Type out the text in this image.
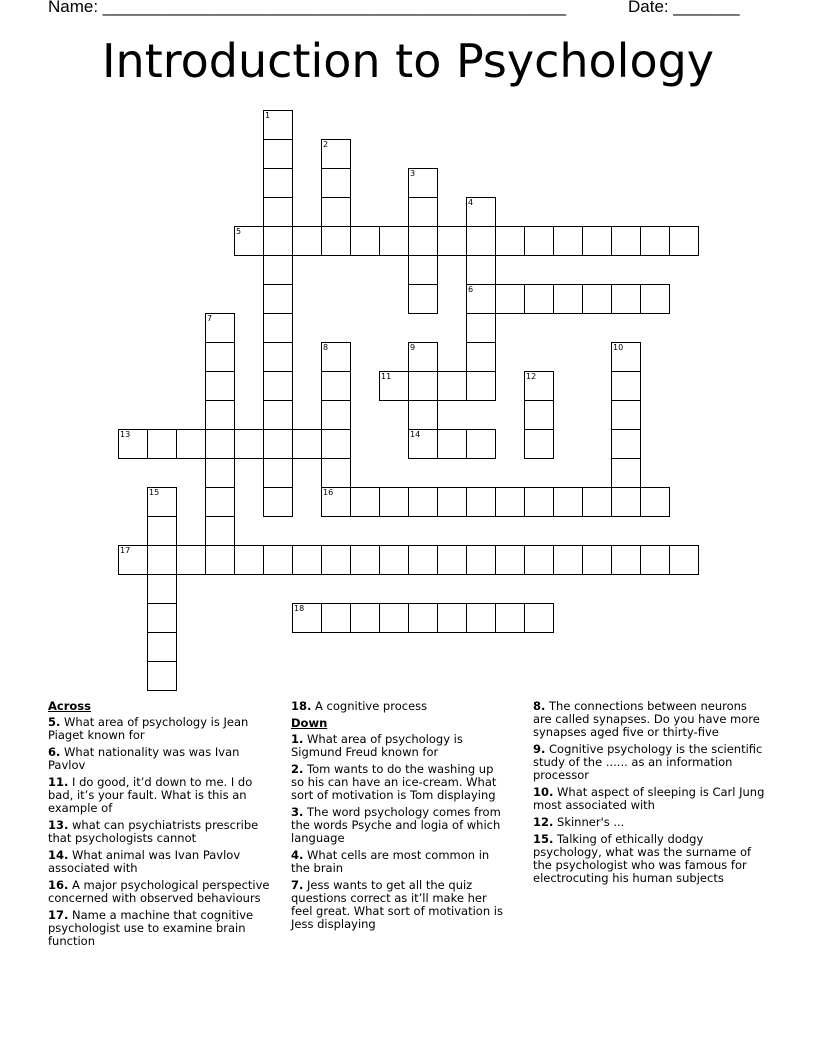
Name: _________________________________________________	Date: _______
Introduction to Psychology
1
2
3
4
6
5
7
8	9
14
10
11	12
13
15	16
17
18
Across
5. What area of psychology is Jean Piaget known for
6. What nationality was was Ivan Pavlov
11. I do good, it’d down to me. I do bad, it’s your fault. What is this an example of
13. what can psychiatrists prescribe that psychologists cannot
14. What animal was Ivan Pavlov associated with
16. A major psychological perspective concerned with observed behaviours
17. Name a machine that cognitive psychologist use to examine brain function
18. A cognitive process
Down
1. What area of psychology is Sigmund Freud known for
2. Tom wants to do the washing up so his can have an ice-cream. What sort of motivation is Tom displaying
3. The word psychology comes from the words Psyche and logia of which language
4. What cells are most common in the brain
7. Jess wants to get all the quiz questions correct as it’ll make her feel great. What sort of motivation is Jess displaying
8. The connections between neurons are called synapses. Do you have more synapses aged five or thirty-five
9. Cognitive psychology is the scientific study of the ...... as an information processor
10. What aspect of sleeping is Carl Jung most associated with
12. Skinner's ...
15. Talking of ethically dodgy psychology, what was the surname of the psychologist who was famous for electrocuting his human subjects
